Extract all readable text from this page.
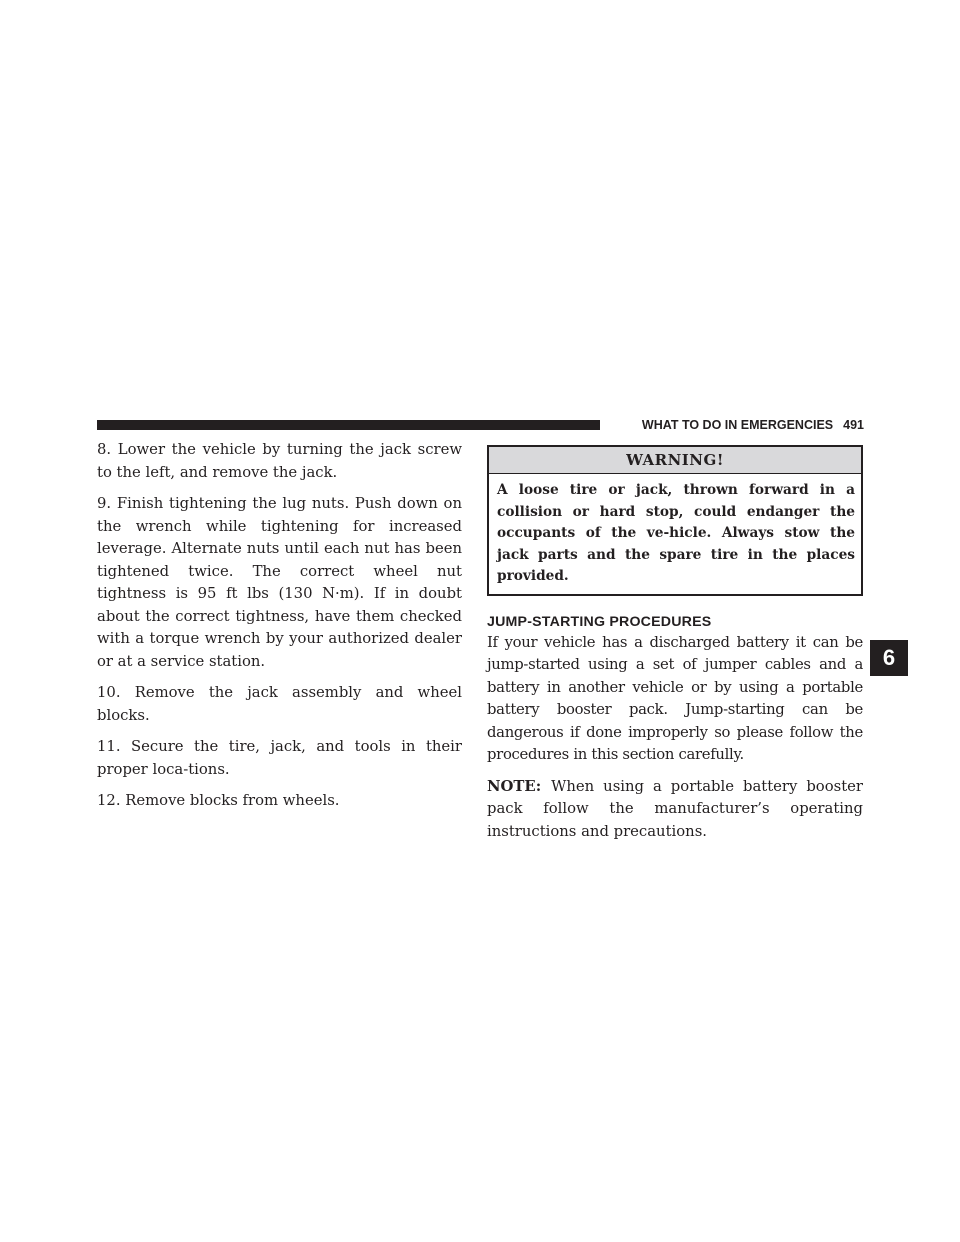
WHAT TO DO IN EMERGENCIES 491

8. Lower the vehicle by turning the jack screw to the left, and remove the jack.

9. Finish tightening the lug nuts. Push down on the wrench while tightening for increased leverage. Alternate nuts until each nut has been tightened twice. The correct wheel nut tightness is 95 ft lbs (130 N·m). If in doubt about the correct tightness, have them checked with a torque wrench by your authorized dealer or at a service station.

10. Remove the jack assembly and wheel blocks.

11. Secure the tire, jack, and tools in their proper loca-tions.

12. Remove blocks from wheels.

WARNING!
A loose tire or jack, thrown forward in a collision or hard stop, could endanger the occupants of the ve-hicle. Always stow the jack parts and the spare tire in the places provided.
JUMP-STARTING PROCEDURES

If your vehicle has a discharged battery it can be jump-started using a set of jumper cables and a battery in another vehicle or by using a portable battery booster pack. Jump-starting can be dangerous if done improperly so please follow the procedures in this section carefully.

NOTE: When using a portable battery booster pack follow the manufacturer’s operating instructions and precautions.

6
